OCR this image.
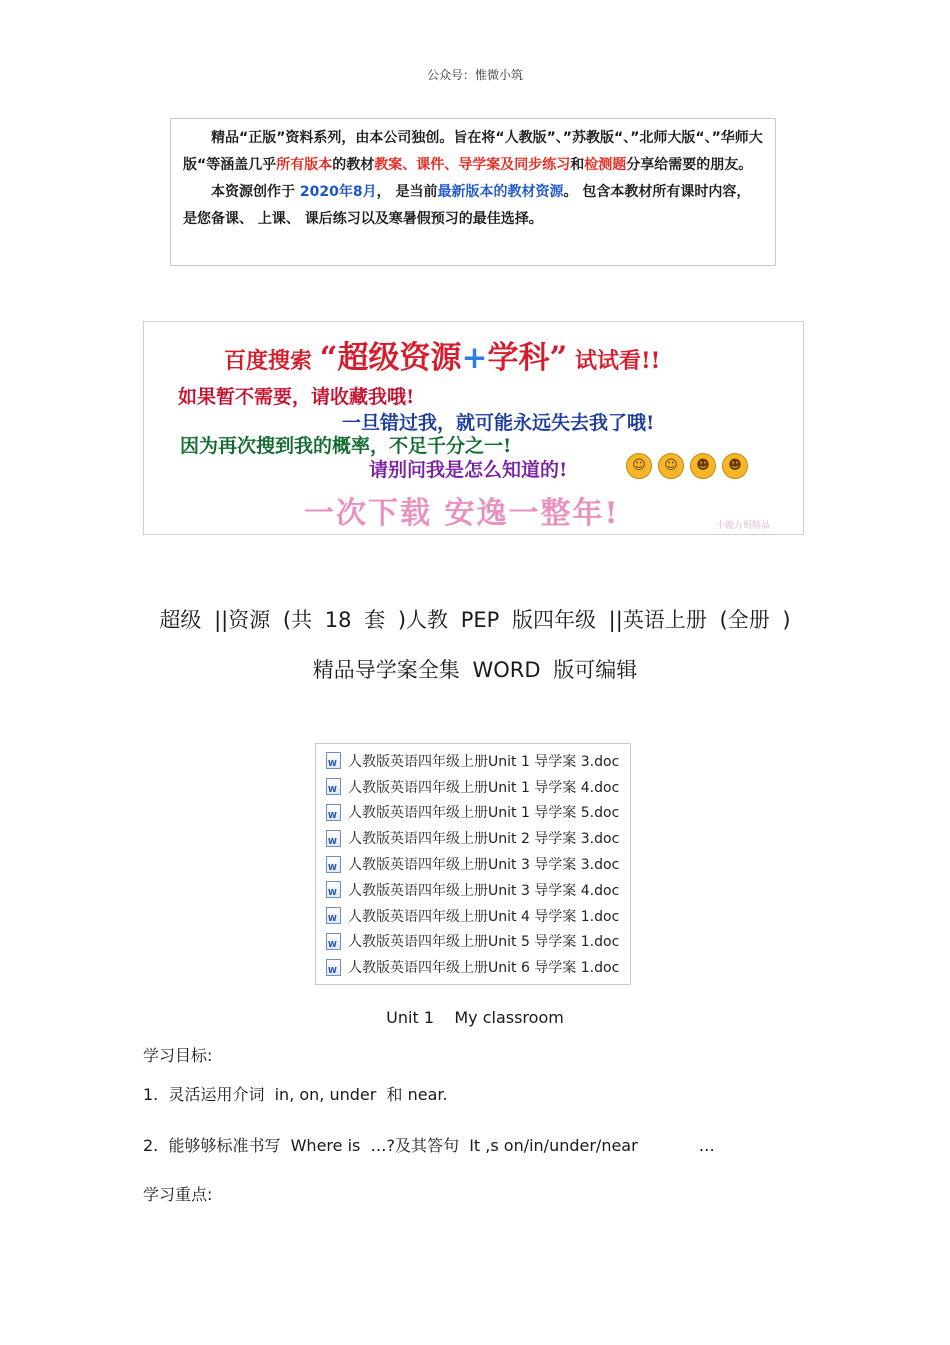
公众号：惟微小筑

精品“正版”资料系列，由本公司独创。旨在将“人教版”、”苏教版“、”北师大版“、”华师大版“等涵盖几乎所有版本的教材教案、课件、导学案及同步练习和检测题分享给需要的朋友。

本资源创作于 2020年8月， 是当前最新版本的教材资源。 包含本教材所有课时内容， 是您备课、 上课、 课后练习以及寒暑假预习的最佳选择。

百度搜索 “超级资源+学科” 试试看!!
如果暂不需要，请收藏我哦!
一旦错过我，就可能永远失去我了哦!
因为再次搜到我的概率，不足千分之一!
请别问我是怎么知道的!	☺ ☺ ☻ ☻
一次下载 安逸一整年!	小鹿方妈特品
超级 ||资源 (共 18 套 )人教 PEP 版四年级 ||英语上册 (全册 )
精品导学案全集 WORD 版可编辑
W
人教版英语四年级上册Unit 1 导学案 3.doc
W
人教版英语四年级上册Unit 1 导学案 4.doc
W
人教版英语四年级上册Unit 1 导学案 5.doc
W
人教版英语四年级上册Unit 2 导学案 3.doc
W
人教版英语四年级上册Unit 3 导学案 3.doc
W
人教版英语四年级上册Unit 3 导学案 4.doc
W
人教版英语四年级上册Unit 4 导学案 1.doc
W
人教版英语四年级上册Unit 5 导学案 1.doc
W
人教版英语四年级上册Unit 6 导学案 1.doc
Unit 1    My classroom
学习目标:
1.  灵活运用介词  in, on, under  和 near.
2.  能够够标准书写  Where is  …?及其答句  It ,s on/in/under/near            …
学习重点:
